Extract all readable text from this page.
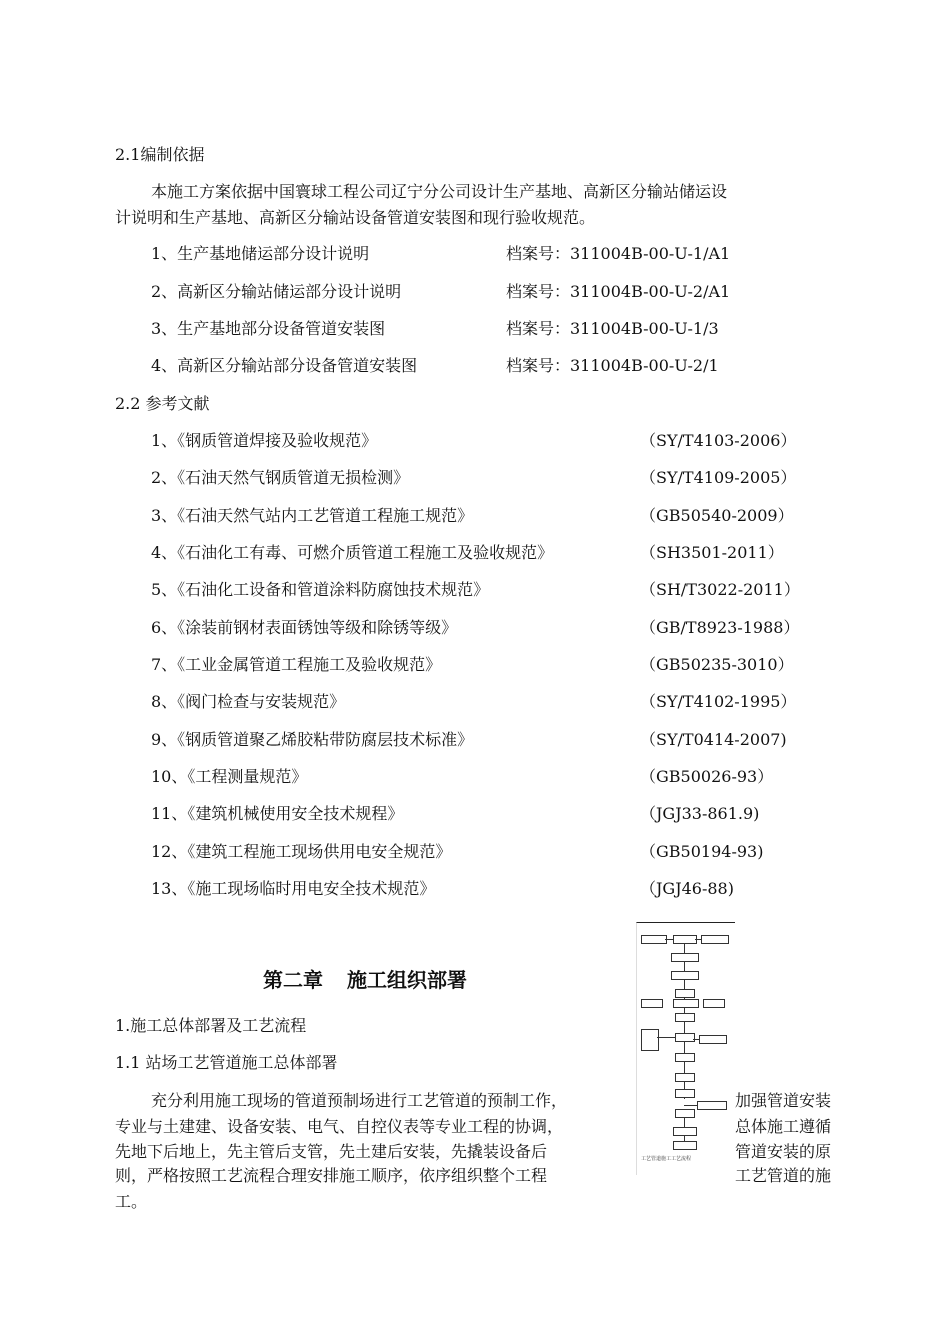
2.1编制依据
本施工方案依据中国寰球工程公司辽宁分公司设计生产基地、高新区分输站储运设
计说明和生产基地、高新区分输站设备管道安装图和现行验收规范。
1、生产基地储运部分设计说明	档案号：311004B-00-U-1/A1
2、高新区分输站储运部分设计说明	档案号：311004B-00-U-2/A1
3、生产基地部分设备管道安装图	档案号：311004B-00-U-1/3
4、高新区分输站部分设备管道安装图	档案号：311004B-00-U-2/1
2.2 参考文献
1、《钢质管道焊接及验收规范》	（SY/T4103-2006）
2、《石油天然气钢质管道无损检测》	（SY/T4109-2005）
3、《石油天然气站内工艺管道工程施工规范》	（GB50540-2009）
4、《石油化工有毒、可燃介质管道工程施工及验收规范》	（SH3501-2011）
5、《石油化工设备和管道涂料防腐蚀技术规范》	（SH/T3022-2011）
6、《涂装前钢材表面锈蚀等级和除锈等级》	（GB/T8923-1988）
7、《工业金属管道工程施工及验收规范》	（GB50235-3010）
8、《阀门检查与安装规范》	（SY/T4102-1995）
9、《钢质管道聚乙烯胶粘带防腐层技术标准》	（SY/T0414-2007)
10、《工程测量规范》	（GB50026-93）
11、《建筑机械使用安全技术规程》	（JGJ33-861.9)
12、《建筑工程施工现场供用电安全规范》	（GB50194-93)
13、《施工现场临时用电安全技术规范》	（JGJ46-88)
第二章 施工组织部署
1.施工总体部署及工艺流程
1.1 站场工艺管道施工总体部署
充分利用施工现场的管道预制场进行工艺管道的预制工作，
专业与土建建、设备安装、电气、自控仪表等专业工程的协调，
先地下后地上，先主管后支管，先土建后安装，先撬装设备后
则，严格按照工艺流程合理安排施工顺序，依序组织整个工程
加强管道安装
总体施工遵循
管道安装的原
工艺管道的施
工。
工艺管道施工工艺流程
